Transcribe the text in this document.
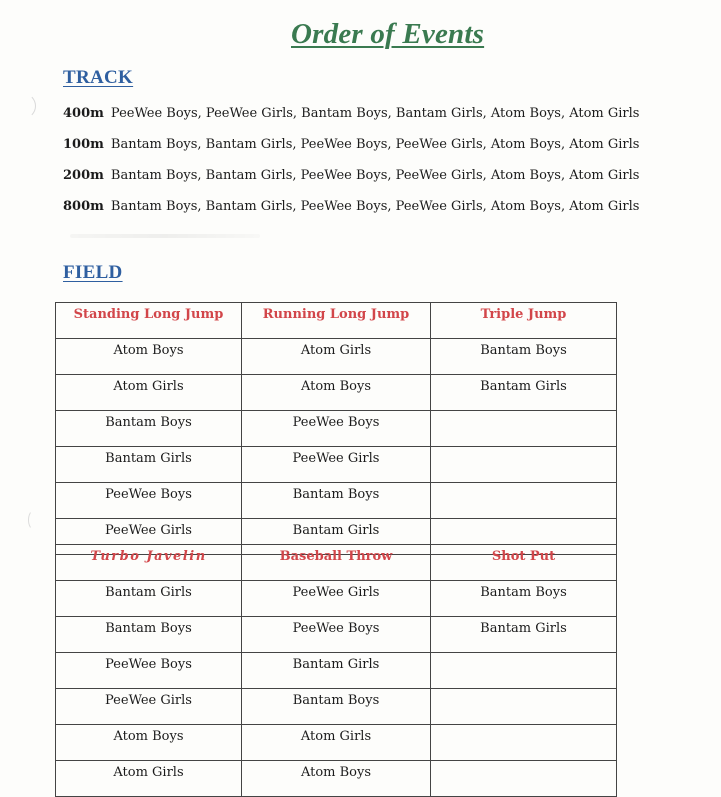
Order of Events
TRACK
400m PeeWee Boys, PeeWee Girls, Bantam Boys, Bantam Girls, Atom Boys, Atom Girls
100m Bantam Boys, Bantam Girls, PeeWee Boys, PeeWee Girls, Atom Boys, Atom Girls
200m Bantam Boys, Bantam Girls, PeeWee Boys, PeeWee Girls, Atom Boys, Atom Girls
800m Bantam Boys, Bantam Girls, PeeWee Boys, PeeWee Girls, Atom Boys, Atom Girls
FIELD
Standing Long Jump	Running Long Jump	Triple Jump
Atom Boys	Atom Girls	Bantam Boys
Atom Girls	Atom Boys	Bantam Girls
Bantam Boys	PeeWee Boys	
Bantam Girls	PeeWee Girls	
PeeWee Boys	Bantam Boys	
PeeWee Girls	Bantam Girls	
Turbo Javelin	Baseball Throw	Shot Put
Bantam Girls	PeeWee Girls	Bantam Boys
Bantam Boys	PeeWee Boys	Bantam Girls
PeeWee Boys	Bantam Girls	
PeeWee Girls	Bantam Boys	
Atom Boys	Atom Girls	
Atom Girls	Atom Boys	
